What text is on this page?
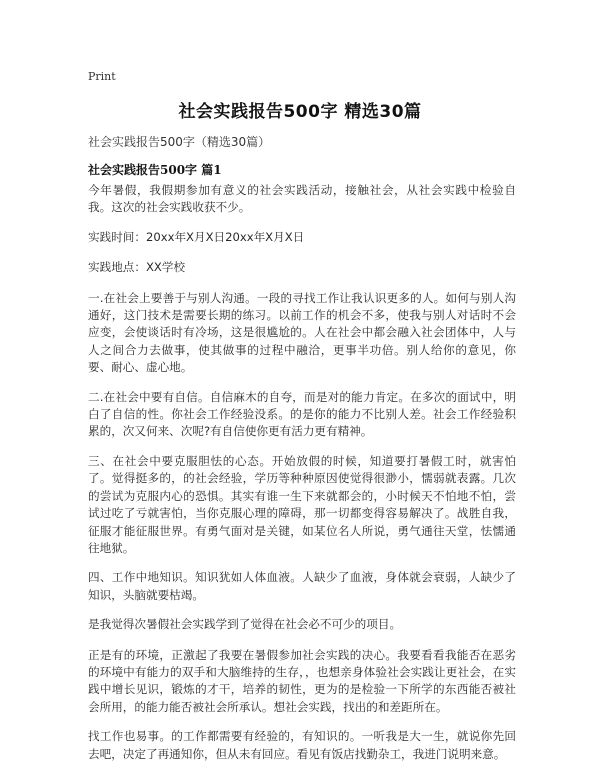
Print
社会实践报告500字 精选30篇
社会实践报告500字（精选30篇）
社会实践报告500字 篇1

今年暑假，我假期参加有意义的社会实践活动，接触社会，从社会实践中检验自我。这次的社会实践收获不少。

实践时间：20xx年X月X日20xx年X月X日

实践地点：XX学校

一.在社会上要善于与别人沟通。一段的寻找工作让我认识更多的人。如何与别人沟通好，这门技术是需要长期的练习。以前工作的机会不多，使我与别人对话时不会应变，会使谈话时有冷场，这是很尴尬的。人在社会中都会融入社会团体中，人与人之间合力去做事，使其做事的过程中融洽，更事半功倍。别人给你的意见，你要、耐心、虚心地。

二.在社会中要有自信。自信麻木的自夸，而是对的能力肯定。在多次的面试中，明白了自信的性。你社会工作经验没系。的是你的能力不比别人差。社会工作经验积累的，次又何来、次呢?有自信使你更有活力更有精神。

三、在社会中要克服胆怯的心态。开始放假的时候，知道要打暑假工时，就害怕了。觉得挺多的，的社会经验，学历等种种原因使觉得很渺小，懦弱就表露。几次的尝试为克服内心的恐惧。其实有谁一生下来就都会的，小时候天不怕地不怕，尝试过吃了亏就害怕，当你克服心理的障碍，那一切都变得容易解决了。战胜自我，征服才能征服世界。有勇气面对是关键，如某位名人所说，勇气通往天堂，怯懦通往地狱。

四、工作中地知识。知识犹如人体血液。人缺少了血液，身体就会衰弱，人缺少了知识，头脑就要枯竭。

是我觉得次暑假社会实践学到了觉得在社会必不可少的项目。

正是有的环境，正激起了我要在暑假参加社会实践的决心。我要看看我能否在恶劣的环境中有能力的双手和大脑维持的生存，，也想亲身体验社会实践让更社会，在实践中增长见识，锻炼的才干，培养的韧性，更为的是检验一下所学的东西能否被社会所用，的能力能否被社会所承认。想社会实践，找出的和差距所在。

找工作也易事。的工作都需要有经验的，有知识的。一听我是大一生，就说你先回去吧，决定了再通知你，但从未有回应。看见有饭店找勤杂工，我进门说明来意。
